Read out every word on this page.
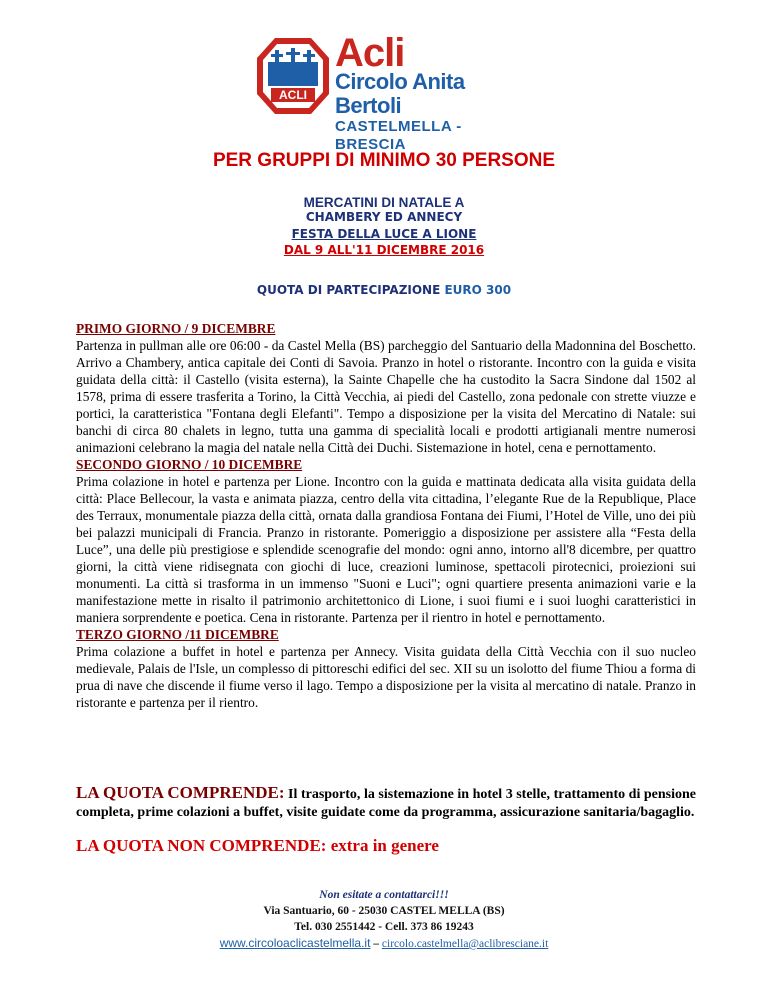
ACLI
Acli
Circolo Anita Bertoli
CASTELMELLA - BRESCIA
PER GRUPPI DI MINIMO 30 PERSONE
MERCATINI DI NATALE A
CHAMBERY ED ANNECY
FESTA DELLA LUCE A LIONE
DAL 9 ALL'11 DICEMBRE 2016
QUOTA DI PARTECIPAZIONE EURO 300

PRIMO GIORNO / 9 DICEMBRE

Partenza in pullman alle ore 06:00 - da Castel Mella (BS) parcheggio del Santuario della Madonnina del Boschetto. Arrivo a Chambery, antica capitale dei Conti di Savoia. Pranzo in hotel o ristorante. Incontro con la guida e visita guidata della città: il Castello (visita esterna), la Sainte Chapelle che ha custodito la Sacra Sindone dal 1502 al 1578, prima di essere trasferita a Torino, la Città Vecchia, ai piedi del Castello, zona pedonale con strette viuzze e portici, la caratteristica "Fontana degli Elefanti". Tempo a disposizione per la visita del Mercatino di Natale: sui banchi di circa 80 chalets in legno, tutta una gamma di specialità locali e prodotti artigianali mentre numerosi animazioni celebrano la magia del natale nella Città dei Duchi. Sistemazione in hotel, cena e pernottamento.

SECONDO GIORNO / 10 DICEMBRE

Prima colazione in hotel e partenza per Lione. Incontro con la guida e mattinata dedicata alla visita guidata della città: Place Bellecour, la vasta e animata piazza, centro della vita cittadina, l’elegante Rue de la Republique, Place des Terraux, monumentale piazza della città, ornata dalla grandiosa Fontana dei Fiumi, l’Hotel de Ville, uno dei più bei palazzi municipali di Francia. Pranzo in ristorante. Pomeriggio a disposizione per assistere alla “Festa della Luce”, una delle più prestigiose e splendide scenografie del mondo: ogni anno, intorno all'8 dicembre, per quattro giorni, la città viene ridisegnata con giochi di luce, creazioni luminose, spettacoli pirotecnici, proiezioni sui monumenti. La città si trasforma in un immenso "Suoni e Luci"; ogni quartiere presenta animazioni varie e la manifestazione mette in risalto il patrimonio architettonico di Lione, i suoi fiumi e i suoi luoghi caratteristici in maniera sorprendente e poetica. Cena in ristorante. Partenza per il rientro in hotel e pernottamento.

TERZO GIORNO /11 DICEMBRE

Prima colazione a buffet in hotel e partenza per Annecy. Visita guidata della Città Vecchia con il suo nucleo medievale, Palais de l'Isle, un complesso di pittoreschi edifici del sec. XII su un isolotto del fiume Thiou a forma di prua di nave che discende il fiume verso il lago. Tempo a disposizione per la visita al mercatino di natale. Pranzo in ristorante e partenza per il rientro.

LA QUOTA COMPRENDE: Il trasporto, la sistemazione in hotel 3 stelle, trattamento di pensione completa, prime colazioni a buffet, visite guidate come da programma, assicurazione sanitaria/bagaglio.
LA QUOTA NON COMPRENDE: extra in genere
Non esitate a contattarci!!!
Via Santuario, 60 - 25030 CASTEL MELLA (BS)
Tel. 030 2551442 - Cell. 373 86 19243
www.circoloaclicastelmella.it – circolo.castelmella@aclibresciane.it
